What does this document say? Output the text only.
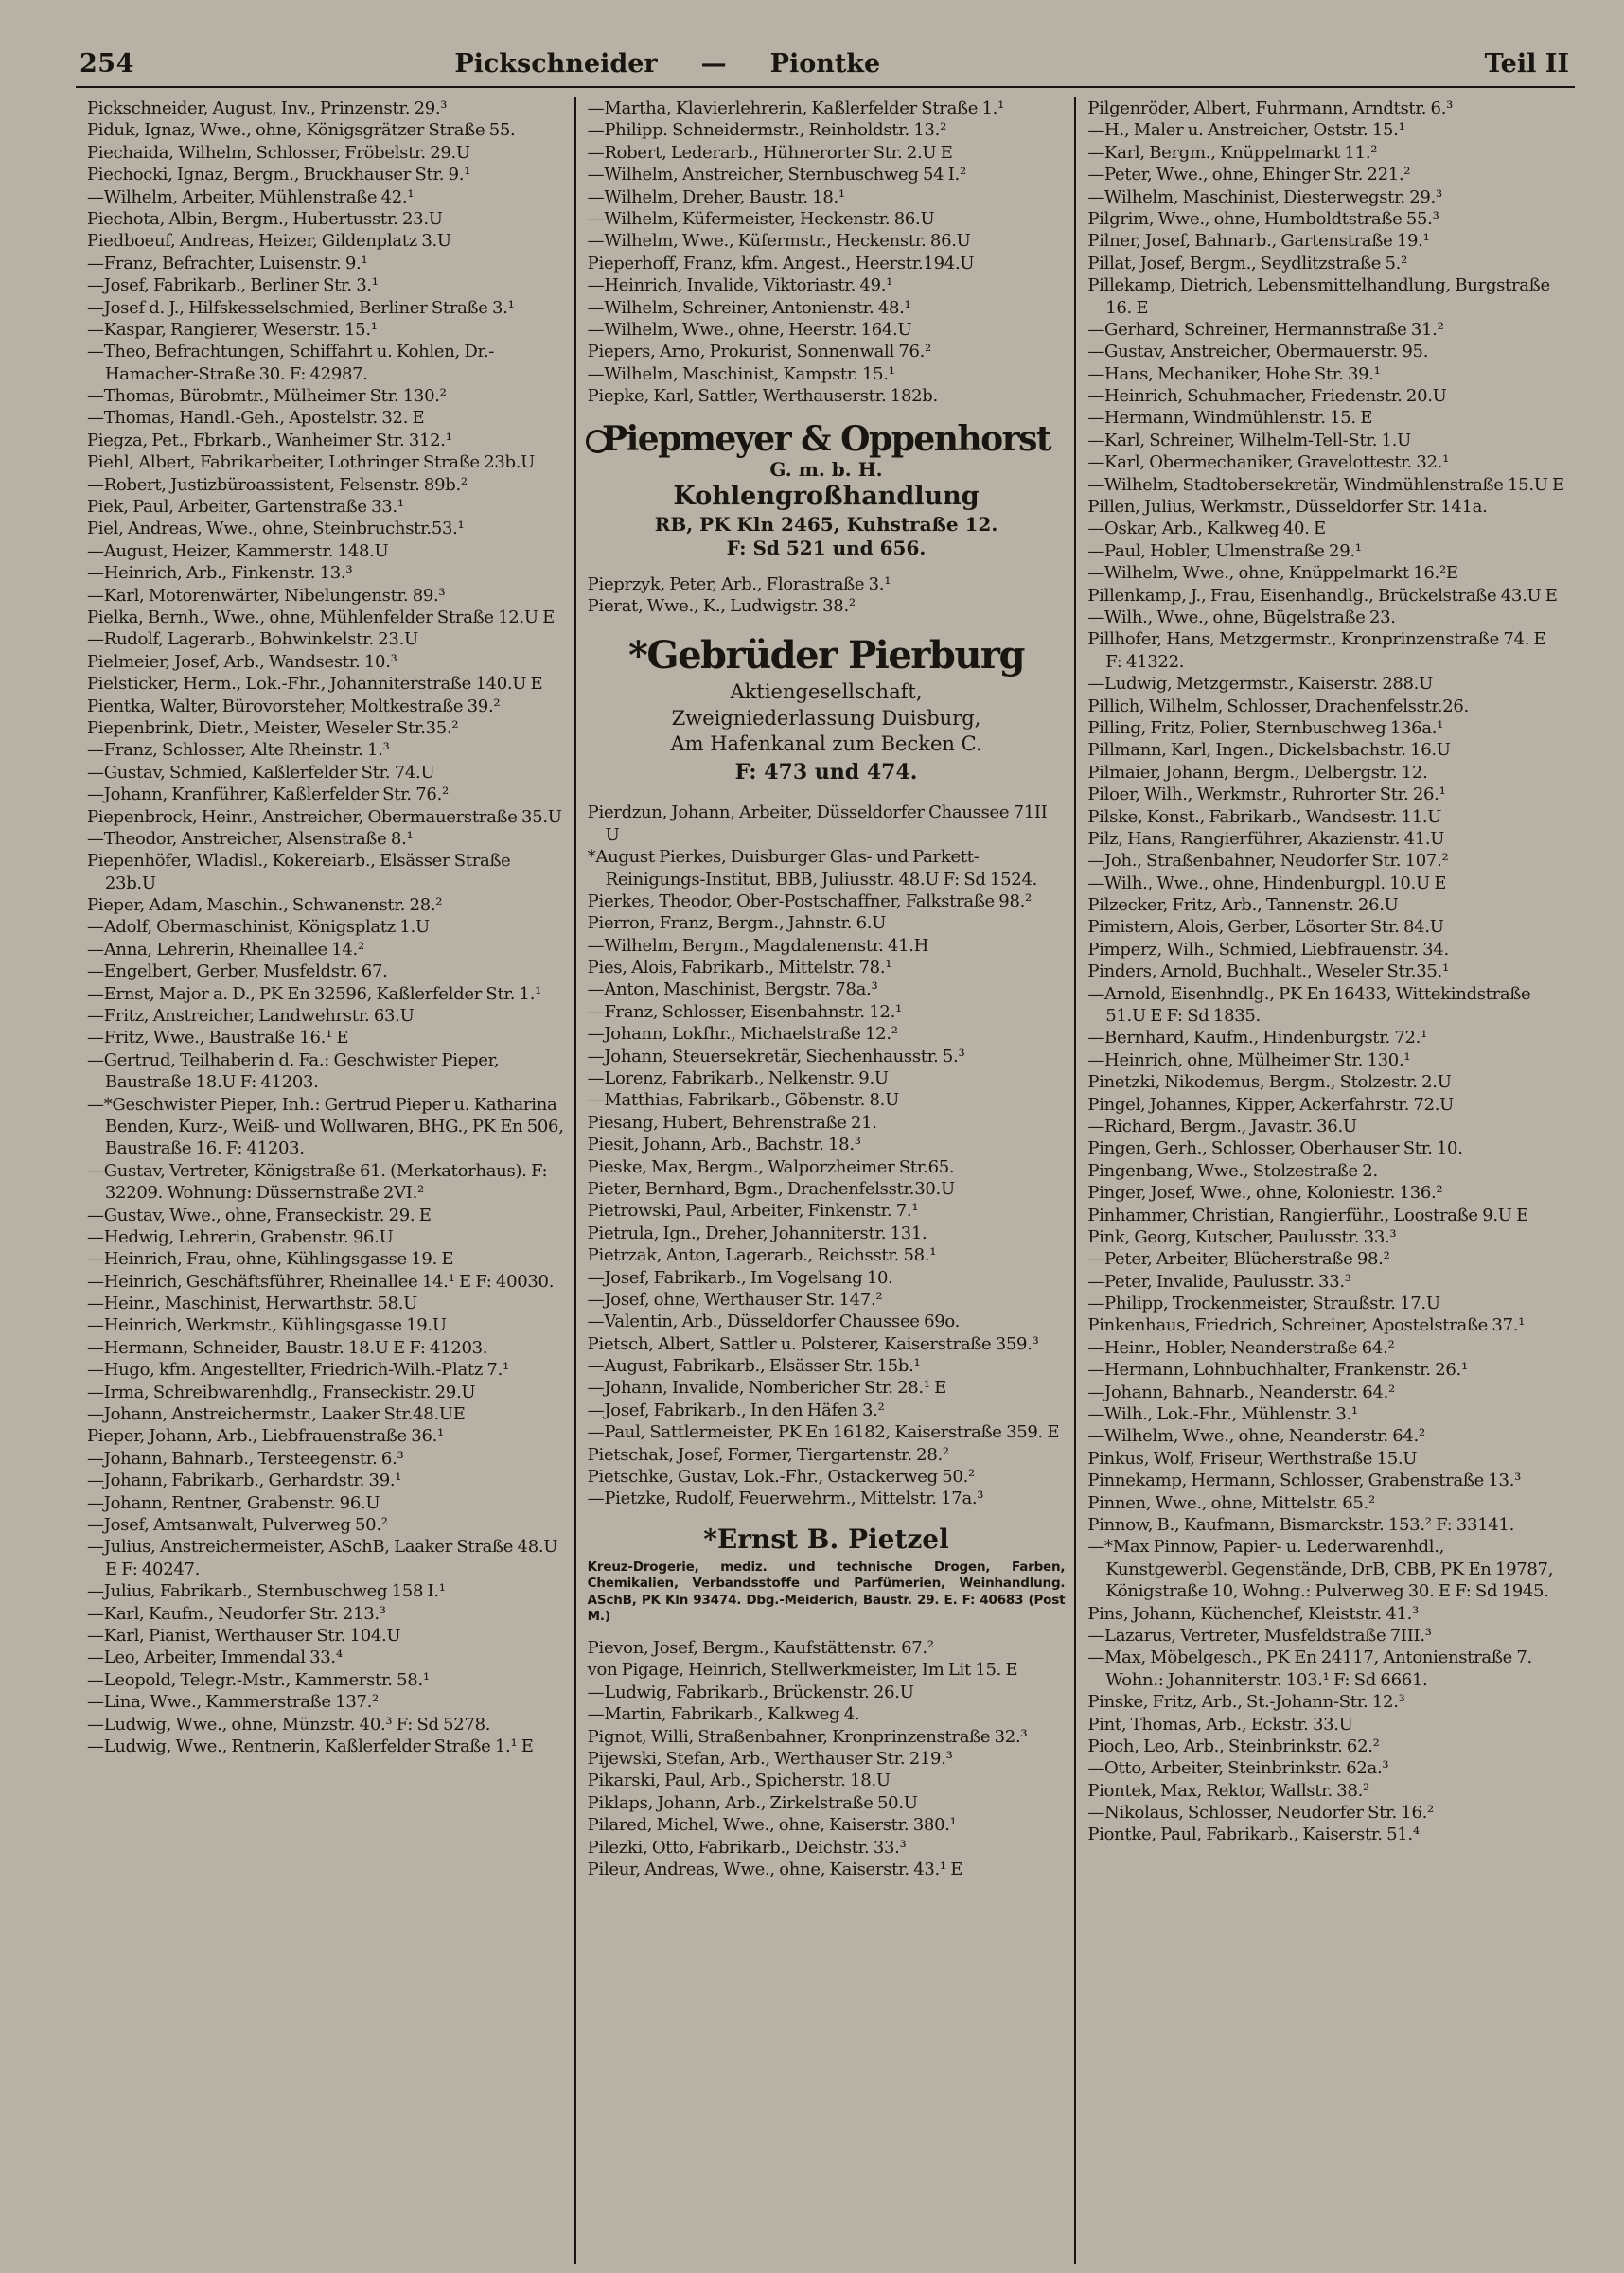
254	Pickschneider — Piontke	Teil II

Pickschneider, August, Inv., Prinzenstr. 29.³

Piduk, Ignaz, Wwe., ohne, Königsgrätzer Straße 55.

Piechaida, Wilhelm, Schlosser, Fröbelstr. 29.U

Piechocki, Ignaz, Bergm., Bruckhauser Str. 9.¹

—Wilhelm, Arbeiter, Mühlenstraße 42.¹

Piechota, Albin, Bergm., Hubertusstr. 23.U

Piedboeuf, Andreas, Heizer, Gildenplatz 3.U

—Franz, Befrachter, Luisenstr. 9.¹

—Josef, Fabrikarb., Berliner Str. 3.¹

—Josef d. J., Hilfskesselschmied, Berliner Straße 3.¹

—Kaspar, Rangierer, Weserstr. 15.¹

—Theo, Befrachtungen, Schiffahrt u. Kohlen, Dr.-Hamacher-Straße 30. F: 42987.

—Thomas, Bürobmtr., Mülheimer Str. 130.²

—Thomas, Handl.-Geh., Apostelstr. 32. E

Piegza, Pet., Fbrkarb., Wanheimer Str. 312.¹

Piehl, Albert, Fabrikarbeiter, Lothringer Straße 23b.U

—Robert, Justizbüroassistent, Felsenstr. 89b.²

Piek, Paul, Arbeiter, Gartenstraße 33.¹

Piel, Andreas, Wwe., ohne, Steinbruchstr.53.¹

—August, Heizer, Kammerstr. 148.U

—Heinrich, Arb., Finkenstr. 13.³

—Karl, Motorenwärter, Nibelungenstr. 89.³

Pielka, Bernh., Wwe., ohne, Mühlenfelder Straße 12.U E

—Rudolf, Lagerarb., Bohwinkelstr. 23.U

Pielmeier, Josef, Arb., Wandsestr. 10.³

Pielsticker, Herm., Lok.-Fhr., Johanniterstraße 140.U E

Pientka, Walter, Bürovorsteher, Moltkestraße 39.²

Piepenbrink, Dietr., Meister, Weseler Str.35.²

—Franz, Schlosser, Alte Rheinstr. 1.³

—Gustav, Schmied, Kaßlerfelder Str. 74.U

—Johann, Kranführer, Kaßlerfelder Str. 76.²

Piepenbrock, Heinr., Anstreicher, Obermauerstraße 35.U

—Theodor, Anstreicher, Alsenstraße 8.¹

Piepenhöfer, Wladisl., Kokereiarb., Elsässer Straße 23b.U

Pieper, Adam, Maschin., Schwanenstr. 28.²

—Adolf, Obermaschinist, Königsplatz 1.U

—Anna, Lehrerin, Rheinallee 14.²

—Engelbert, Gerber, Musfeldstr. 67.

—Ernst, Major a. D., PK En 32596, Kaßlerfelder Str. 1.¹

—Fritz, Anstreicher, Landwehrstr. 63.U

—Fritz, Wwe., Baustraße 16.¹ E

—Gertrud, Teilhaberin d. Fa.: Geschwister Pieper, Baustraße 18.U F: 41203.

—*Geschwister Pieper, Inh.: Gertrud Pieper u. Katharina Benden, Kurz-, Weiß- und Wollwaren, BHG., PK En 506, Baustraße 16. F: 41203.

—Gustav, Vertreter, Königstraße 61. (Merkatorhaus). F: 32209. Wohnung: Düssernstraße 2VI.²

—Gustav, Wwe., ohne, Franseckistr. 29. E

—Hedwig, Lehrerin, Grabenstr. 96.U

—Heinrich, Frau, ohne, Kühlingsgasse 19. E

—Heinrich, Geschäftsführer, Rheinallee 14.¹ E F: 40030.

—Heinr., Maschinist, Herwarthstr. 58.U

—Heinrich, Werkmstr., Kühlingsgasse 19.U

—Hermann, Schneider, Baustr. 18.U E F: 41203.

—Hugo, kfm. Angestellter, Friedrich-Wilh.-Platz 7.¹

—Irma, Schreibwarenhdlg., Franseckistr. 29.U

—Johann, Anstreichermstr., Laaker Str.48.UE

Pieper, Johann, Arb., Liebfrauenstraße 36.¹

—Johann, Bahnarb., Tersteegenstr. 6.³

—Johann, Fabrikarb., Gerhardstr. 39.¹

—Johann, Rentner, Grabenstr. 96.U

—Josef, Amtsanwalt, Pulverweg 50.²

—Julius, Anstreichermeister, ASchB, Laaker Straße 48.U E F: 40247.

—Julius, Fabrikarb., Sternbuschweg 158 I.¹

—Karl, Kaufm., Neudorfer Str. 213.³

—Karl, Pianist, Werthauser Str. 104.U

—Leo, Arbeiter, Immendal 33.⁴

—Leopold, Telegr.-Mstr., Kammerstr. 58.¹

—Lina, Wwe., Kammerstraße 137.²

—Ludwig, Wwe., ohne, Münzstr. 40.³ F: Sd 5278.

—Ludwig, Wwe., Rentnerin, Kaßlerfelder Straße 1.¹ E

—Martha, Klavierlehrerin, Kaßlerfelder Straße 1.¹

—Philipp. Schneidermstr., Reinholdstr. 13.²

—Robert, Lederarb., Hühnerorter Str. 2.U E

—Wilhelm, Anstreicher, Sternbuschweg 54 I.²

—Wilhelm, Dreher, Baustr. 18.¹

—Wilhelm, Küfermeister, Heckenstr. 86.U

—Wilhelm, Wwe., Küfermstr., Heckenstr. 86.U

Pieperhoff, Franz, kfm. Angest., Heerstr.194.U

—Heinrich, Invalide, Viktoriastr. 49.¹

—Wilhelm, Schreiner, Antonienstr. 48.¹

—Wilhelm, Wwe., ohne, Heerstr. 164.U

Piepers, Arno, Prokurist, Sonnenwall 76.²

—Wilhelm, Maschinist, Kampstr. 15.¹

Piepke, Karl, Sattler, Werthauserstr. 182b.

Piepmeyer & Oppenhorst

G. m. b. H.

Kohlengroßhandlung

RB, PK Kln 2465, Kuhstraße 12.

F: Sd 521 und 656.

Pieprzyk, Peter, Arb., Florastraße 3.¹

Pierat, Wwe., K., Ludwigstr. 38.²

*Gebrüder Pierburg

Aktiengesellschaft,

Zweigniederlassung Duisburg,

Am Hafenkanal zum Becken C.

F: 473 und 474.

Pierdzun, Johann, Arbeiter, Düsseldorfer Chaussee 71II U

*August Pierkes, Duisburger Glas- und Parkett-Reinigungs-Institut, BBB, Juliusstr. 48.U F: Sd 1524.

Pierkes, Theodor, Ober-Postschaffner, Falkstraße 98.²

Pierron, Franz, Bergm., Jahnstr. 6.U

—Wilhelm, Bergm., Magdalenenstr. 41.H

Pies, Alois, Fabrikarb., Mittelstr. 78.¹

—Anton, Maschinist, Bergstr. 78a.³

—Franz, Schlosser, Eisenbahnstr. 12.¹

—Johann, Lokfhr., Michaelstraße 12.²

—Johann, Steuersekretär, Siechenhausstr. 5.³

—Lorenz, Fabrikarb., Nelkenstr. 9.U

—Matthias, Fabrikarb., Göbenstr. 8.U

Piesang, Hubert, Behrenstraße 21.

Piesit, Johann, Arb., Bachstr. 18.³

Pieske, Max, Bergm., Walporzheimer Str.65.

Pieter, Bernhard, Bgm., Drachenfelsstr.30.U

Pietrowski, Paul, Arbeiter, Finkenstr. 7.¹

Pietrula, Ign., Dreher, Johanniterstr. 131.

Pietrzak, Anton, Lagerarb., Reichsstr. 58.¹

—Josef, Fabrikarb., Im Vogelsang 10.

—Josef, ohne, Werthauser Str. 147.²

—Valentin, Arb., Düsseldorfer Chaussee 69o.

Pietsch, Albert, Sattler u. Polsterer, Kaiserstraße 359.³

—August, Fabrikarb., Elsässer Str. 15b.¹

—Johann, Invalide, Nombericher Str. 28.¹ E

—Josef, Fabrikarb., In den Häfen 3.²

—Paul, Sattlermeister, PK En 16182, Kaiserstraße 359. E

Pietschak, Josef, Former, Tiergartenstr. 28.²

Pietschke, Gustav, Lok.-Fhr., Ostackerweg 50.²

—Pietzke, Rudolf, Feuerwehrm., Mittelstr. 17a.³

*Ernst B. Pietzel

Kreuz-Drogerie, mediz. und technische Drogen, Farben, Chemikalien, Verbandsstoffe und Parfümerien, Weinhandlung. ASchB, PK Kln 93474. Dbg.-Meiderich, Baustr. 29. E. F: 40683 (Post M.)

Pievon, Josef, Bergm., Kaufstättenstr. 67.²

von Pigage, Heinrich, Stellwerkmeister, Im Lit 15. E

—Ludwig, Fabrikarb., Brückenstr. 26.U

—Martin, Fabrikarb., Kalkweg 4.

Pignot, Willi, Straßenbahner, Kronprinzenstraße 32.³

Pijewski, Stefan, Arb., Werthauser Str. 219.³

Pikarski, Paul, Arb., Spicherstr. 18.U

Piklaps, Johann, Arb., Zirkelstraße 50.U

Pilared, Michel, Wwe., ohne, Kaiserstr. 380.¹

Pilezki, Otto, Fabrikarb., Deichstr. 33.³

Pileur, Andreas, Wwe., ohne, Kaiserstr. 43.¹ E

Pilgenröder, Albert, Fuhrmann, Arndtstr. 6.³

—H., Maler u. Anstreicher, Oststr. 15.¹

—Karl, Bergm., Knüppelmarkt 11.²

—Peter, Wwe., ohne, Ehinger Str. 221.²

—Wilhelm, Maschinist, Diesterwegstr. 29.³

Pilgrim, Wwe., ohne, Humboldtstraße 55.³

Pilner, Josef, Bahnarb., Gartenstraße 19.¹

Pillat, Josef, Bergm., Seydlitzstraße 5.²

Pillekamp, Dietrich, Lebensmittelhandlung, Burgstraße 16. E

—Gerhard, Schreiner, Hermannstraße 31.²

—Gustav, Anstreicher, Obermauerstr. 95.

—Hans, Mechaniker, Hohe Str. 39.¹

—Heinrich, Schuhmacher, Friedenstr. 20.U

—Hermann, Windmühlenstr. 15. E

—Karl, Schreiner, Wilhelm-Tell-Str. 1.U

—Karl, Obermechaniker, Gravelottestr. 32.¹

—Wilhelm, Stadtobersekretär, Windmühlenstraße 15.U E

Pillen, Julius, Werkmstr., Düsseldorfer Str. 141a.

—Oskar, Arb., Kalkweg 40. E

—Paul, Hobler, Ulmenstraße 29.¹

—Wilhelm, Wwe., ohne, Knüppelmarkt 16.²E

Pillenkamp, J., Frau, Eisenhandlg., Brückelstraße 43.U E

—Wilh., Wwe., ohne, Bügelstraße 23.

Pillhofer, Hans, Metzgermstr., Kronprinzenstraße 74. E F: 41322.

—Ludwig, Metzgermstr., Kaiserstr. 288.U

Pillich, Wilhelm, Schlosser, Drachenfelsstr.26.

Pilling, Fritz, Polier, Sternbuschweg 136a.¹

Pillmann, Karl, Ingen., Dickelsbachstr. 16.U

Pilmaier, Johann, Bergm., Delbergstr. 12.

Piloer, Wilh., Werkmstr., Ruhrorter Str. 26.¹

Pilske, Konst., Fabrikarb., Wandsestr. 11.U

Pilz, Hans, Rangierführer, Akazienstr. 41.U

—Joh., Straßenbahner, Neudorfer Str. 107.²

—Wilh., Wwe., ohne, Hindenburgpl. 10.U E

Pilzecker, Fritz, Arb., Tannenstr. 26.U

Pimistern, Alois, Gerber, Lösorter Str. 84.U

Pimperz, Wilh., Schmied, Liebfrauenstr. 34.

Pinders, Arnold, Buchhalt., Weseler Str.35.¹

—Arnold, Eisenhndlg., PK En 16433, Wittekindstraße 51.U E F: Sd 1835.

—Bernhard, Kaufm., Hindenburgstr. 72.¹

—Heinrich, ohne, Mülheimer Str. 130.¹

Pinetzki, Nikodemus, Bergm., Stolzestr. 2.U

Pingel, Johannes, Kipper, Ackerfahrstr. 72.U

—Richard, Bergm., Javastr. 36.U

Pingen, Gerh., Schlosser, Oberhauser Str. 10.

Pingenbang, Wwe., Stolzestraße 2.

Pinger, Josef, Wwe., ohne, Koloniestr. 136.²

Pinhammer, Christian, Rangierführ., Loostraße 9.U E

Pink, Georg, Kutscher, Paulusstr. 33.³

—Peter, Arbeiter, Blücherstraße 98.²

—Peter, Invalide, Paulusstr. 33.³

—Philipp, Trockenmeister, Straußstr. 17.U

Pinkenhaus, Friedrich, Schreiner, Apostelstraße 37.¹

—Heinr., Hobler, Neanderstraße 64.²

—Hermann, Lohnbuchhalter, Frankenstr. 26.¹

—Johann, Bahnarb., Neanderstr. 64.²

—Wilh., Lok.-Fhr., Mühlenstr. 3.¹

—Wilhelm, Wwe., ohne, Neanderstr. 64.²

Pinkus, Wolf, Friseur, Werthstraße 15.U

Pinnekamp, Hermann, Schlosser, Grabenstraße 13.³

Pinnen, Wwe., ohne, Mittelstr. 65.²

Pinnow, B., Kaufmann, Bismarckstr. 153.² F: 33141.

—*Max Pinnow, Papier- u. Lederwarenhdl., Kunstgewerbl. Gegenstände, DrB, CBB, PK En 19787, Königstraße 10, Wohng.: Pulverweg 30. E F: Sd 1945.

Pins, Johann, Küchenchef, Kleiststr. 41.³

—Lazarus, Vertreter, Musfeldstraße 7III.³

—Max, Möbelgesch., PK En 24117, Antonienstraße 7. Wohn.: Johanniterstr. 103.¹ F: Sd 6661.

Pinske, Fritz, Arb., St.-Johann-Str. 12.³

Pint, Thomas, Arb., Eckstr. 33.U

Pioch, Leo, Arb., Steinbrinkstr. 62.²

—Otto, Arbeiter, Steinbrinkstr. 62a.³

Piontek, Max, Rektor, Wallstr. 38.²

—Nikolaus, Schlosser, Neudorfer Str. 16.²

Piontke, Paul, Fabrikarb., Kaiserstr. 51.⁴
